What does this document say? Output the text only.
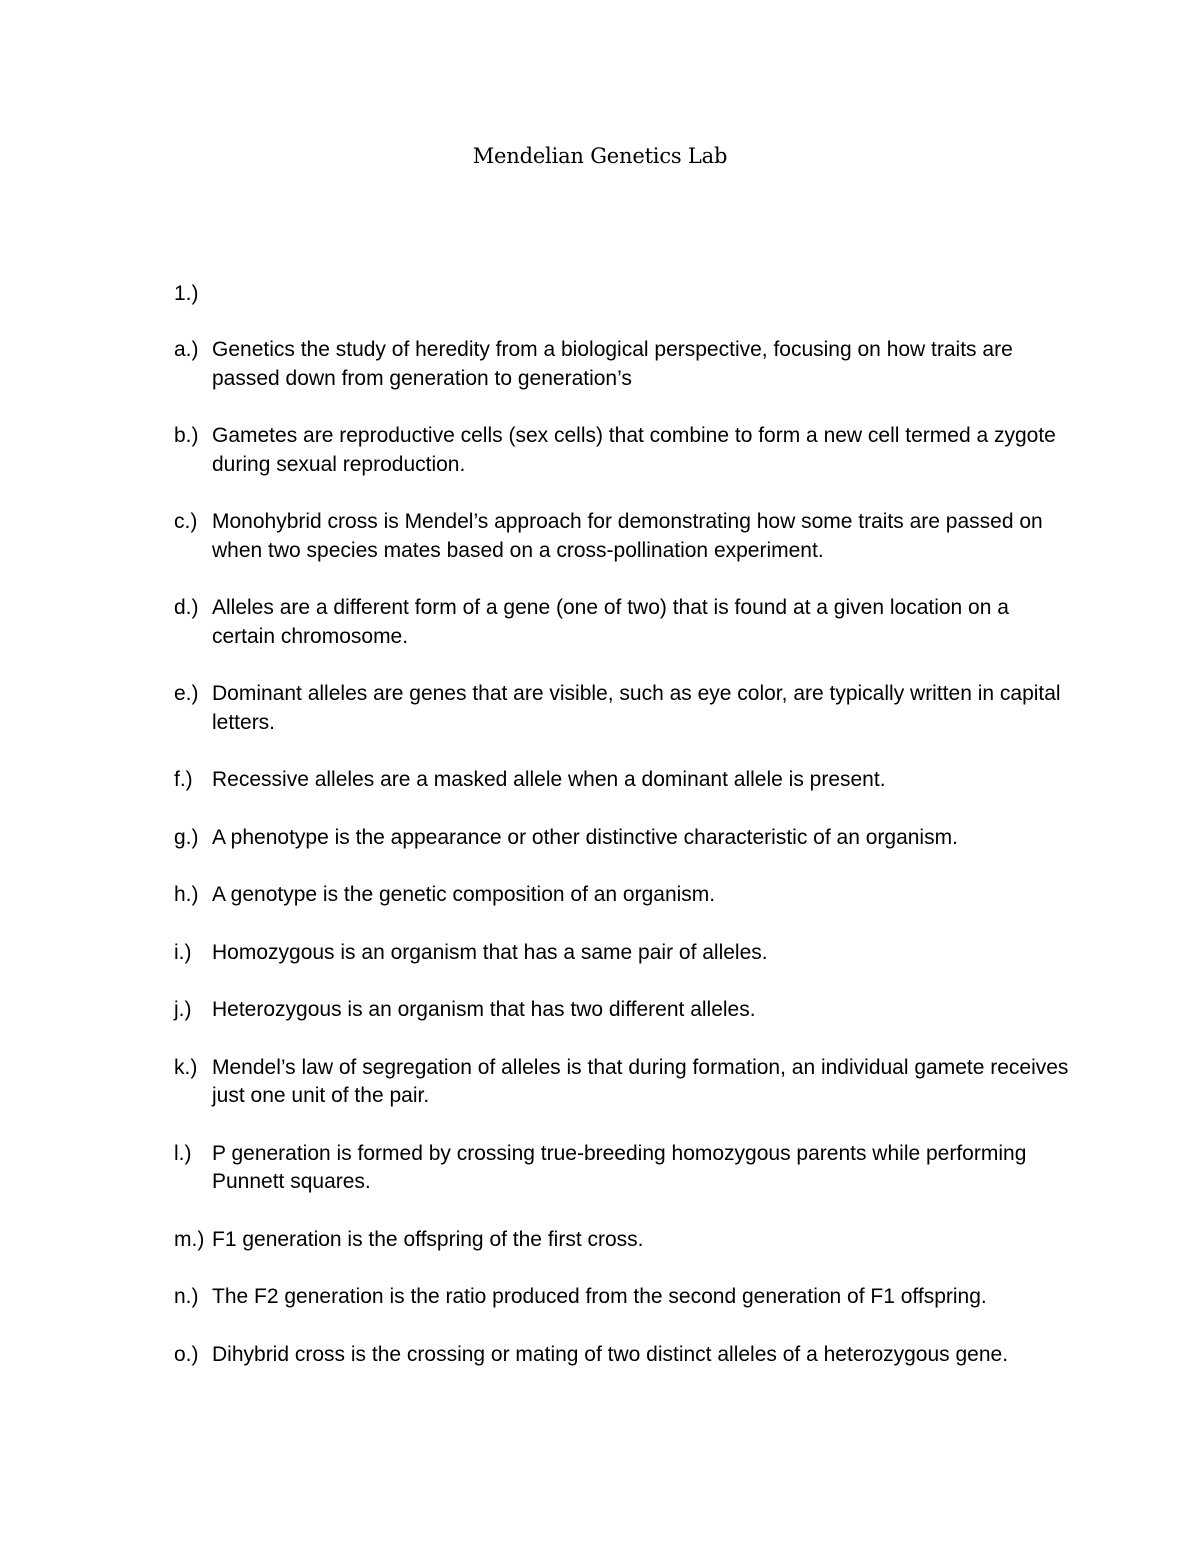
Mendelian Genetics Lab
1.)
a.) Genetics the study of heredity from a biological perspective, focusing on how traits are passed down from generation to generation’s
b.) Gametes are reproductive cells (sex cells) that combine to form a new cell termed a zygote during sexual reproduction.
c.) Monohybrid cross is Mendel’s approach for demonstrating how some traits are passed on when two species mates based on a cross-pollination experiment.
d.) Alleles are a different form of a gene (one of two) that is found at a given location on a certain chromosome.
e.) Dominant alleles are genes that are visible, such as eye color, are typically written in capital letters.
f.) Recessive alleles are a masked allele when a dominant allele is present.
g.) A phenotype is the appearance or other distinctive characteristic of an organism.
h.) A genotype is the genetic composition of an organism.
i.) Homozygous is an organism that has a same pair of alleles.
j.) Heterozygous is an organism that has two different alleles.
k.) Mendel’s law of segregation of alleles is that during formation, an individual gamete receives just one unit of the pair.
l.) P generation is formed by crossing true-breeding homozygous parents while performing Punnett squares.
m.) F1 generation is the offspring of the first cross.
n.) The F2 generation is the ratio produced from the second generation of F1 offspring.
o.) Dihybrid cross is the crossing or mating of two distinct alleles of a heterozygous gene.
